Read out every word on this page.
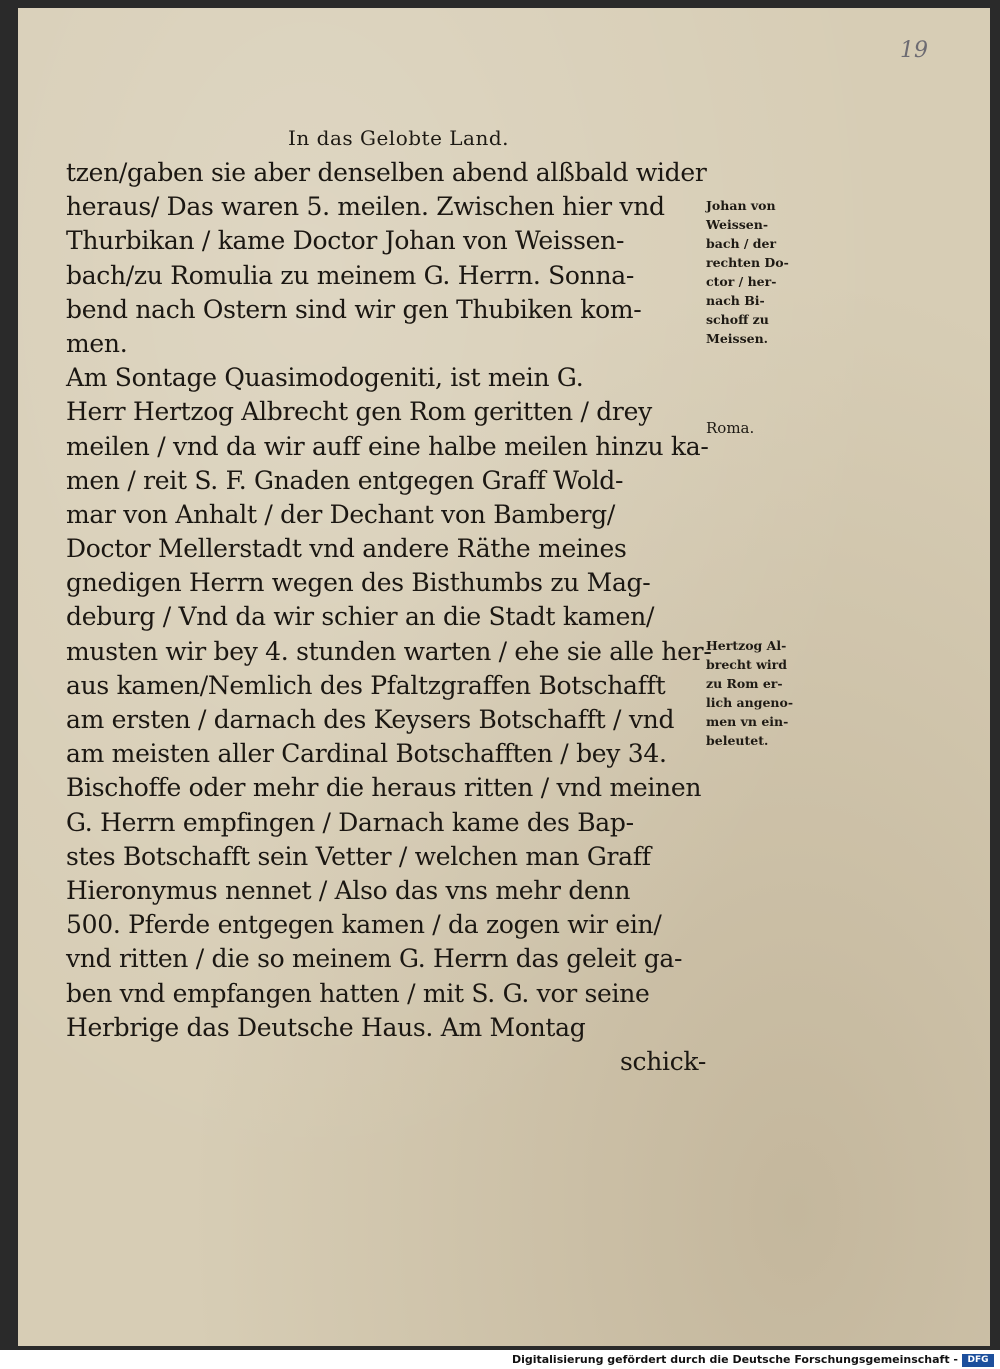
19
In das Gelobte Land.
tzen/gaben sie aber denselben abend alßbald wider
heraus/ Das waren 5. meilen. Zwischen hier vnd
Thurbikan / kame Doctor Johan von Weissen-
bach/zu Romulia zu meinem G. Herrn. Sonna-
bend nach Ostern sind wir gen Thubiken kom-
men.
Am Sontage Quasimodogeniti, ist mein G.
Herr Hertzog Albrecht gen Rom geritten / drey
meilen / vnd da wir auff eine halbe meilen hinzu ka-
men / reit S. F. Gnaden entgegen Graff Wold-
mar von Anhalt / der Dechant von Bamberg/
Doctor Mellerstadt vnd andere Räthe meines
gnedigen Herrn wegen des Bisthumbs zu Mag-
deburg / Vnd da wir schier an die Stadt kamen/
musten wir bey 4. stunden warten / ehe sie alle her-
aus kamen/Nemlich des Pfaltzgraffen Botschafft
am ersten / darnach des Keysers Botschafft / vnd
am meisten aller Cardinal Botschafften / bey 34.
Bischoffe oder mehr die heraus ritten / vnd meinen
G. Herrn empfingen / Darnach kame des Bap-
stes Botschafft sein Vetter / welchen man Graff
Hieronymus nennet / Also das vns mehr denn
500. Pferde entgegen kamen / da zogen wir ein/
vnd ritten / die so meinem G. Herrn das geleit ga-
ben vnd empfangen hatten / mit S. G. vor seine
Herbrige das Deutsche Haus. Am Montag
schick-
Johan von
Weissen-
bach / der
rechten Do-
ctor / her-
nach Bi-
schoff zu
Meissen.
Roma.
Hertzog Al-
brecht wird
zu Rom er-
lich angeno-
men vn ein-
beleutet.
Digitalisierung gefördert durch die Deutsche Forschungsgemeinschaft -	DFG
